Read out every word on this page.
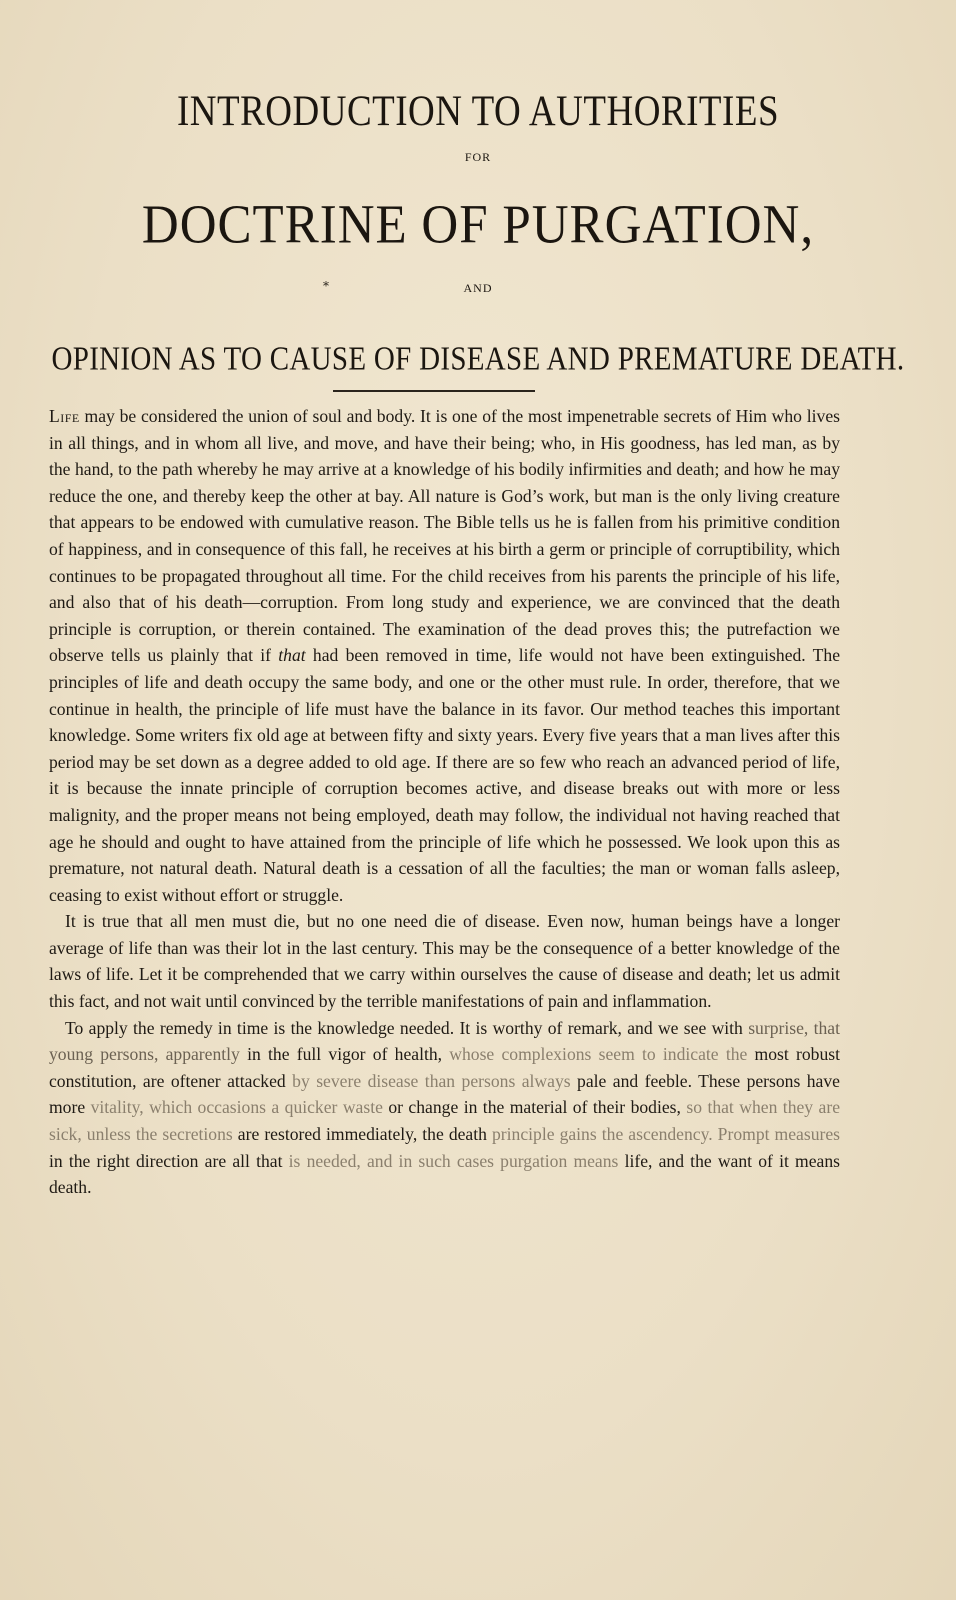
INTRODUCTION TO AUTHORITIES
FOR
DOCTRINE OF PURGATION,
*	AND
OPINION AS TO CAUSE OF DISEASE AND PREMATURE DEATH.

Life may be considered the union of soul and body. It is one of the most impenetrable secrets of Him who lives in all things, and in whom all live, and move, and have their being; who, in His goodness, has led man, as by the hand, to the path whereby he may arrive at a knowledge of his bodily infirmities and death; and how he may reduce the one, and thereby keep the other at bay. All nature is God’s work, but man is the only living creature that appears to be endowed with cumulative reason. The Bible tells us he is fallen from his primitive condition of happiness, and in consequence of this fall, he receives at his birth a germ or principle of corruptibility, which continues to be propagated throughout all time. For the child receives from his parents the principle of his life, and also that of his death—corruption. From long study and experience, we are convinced that the death principle is corruption, or therein contained. The examination of the dead proves this; the putrefaction we observe tells us plainly that if that had been removed in time, life would not have been extinguished. The principles of life and death occupy the same body, and one or the other must rule. In order, therefore, that we continue in health, the principle of life must have the balance in its favor. Our method teaches this important knowledge. Some writers fix old age at between fifty and sixty years. Every five years that a man lives after this period may be set down as a degree added to old age. If there are so few who reach an advanced period of life, it is because the innate principle of corruption becomes active, and disease breaks out with more or less malignity, and the proper means not being employed, death may follow, the individual not having reached that age he should and ought to have attained from the principle of life which he possessed. We look upon this as premature, not natural death. Natural death is a cessation of all the faculties; the man or woman falls asleep, ceasing to exist without effort or struggle.

It is true that all men must die, but no one need die of disease. Even now, human beings have a longer average of life than was their lot in the last century. This may be the consequence of a better knowledge of the laws of life. Let it be comprehended that we carry within ourselves the cause of disease and death; let us admit this fact, and not wait until convinced by the terrible manifestations of pain and inflammation.

To apply the remedy in time is the knowledge needed. It is worthy of remark, and we see with surprise, that young persons, apparently in the full vigor of health, whose complexions seem to indicate the most robust constitution, are oftener attacked by severe disease than persons always pale and feeble. These persons have more vitality, which occasions a quicker waste or change in the material of their bodies, so that when they are sick, unless the secretions are restored immediately, the death principle gains the ascendency. Prompt measures in the right direction are all that is needed, and in such cases purgation means life, and the want of it means death.
